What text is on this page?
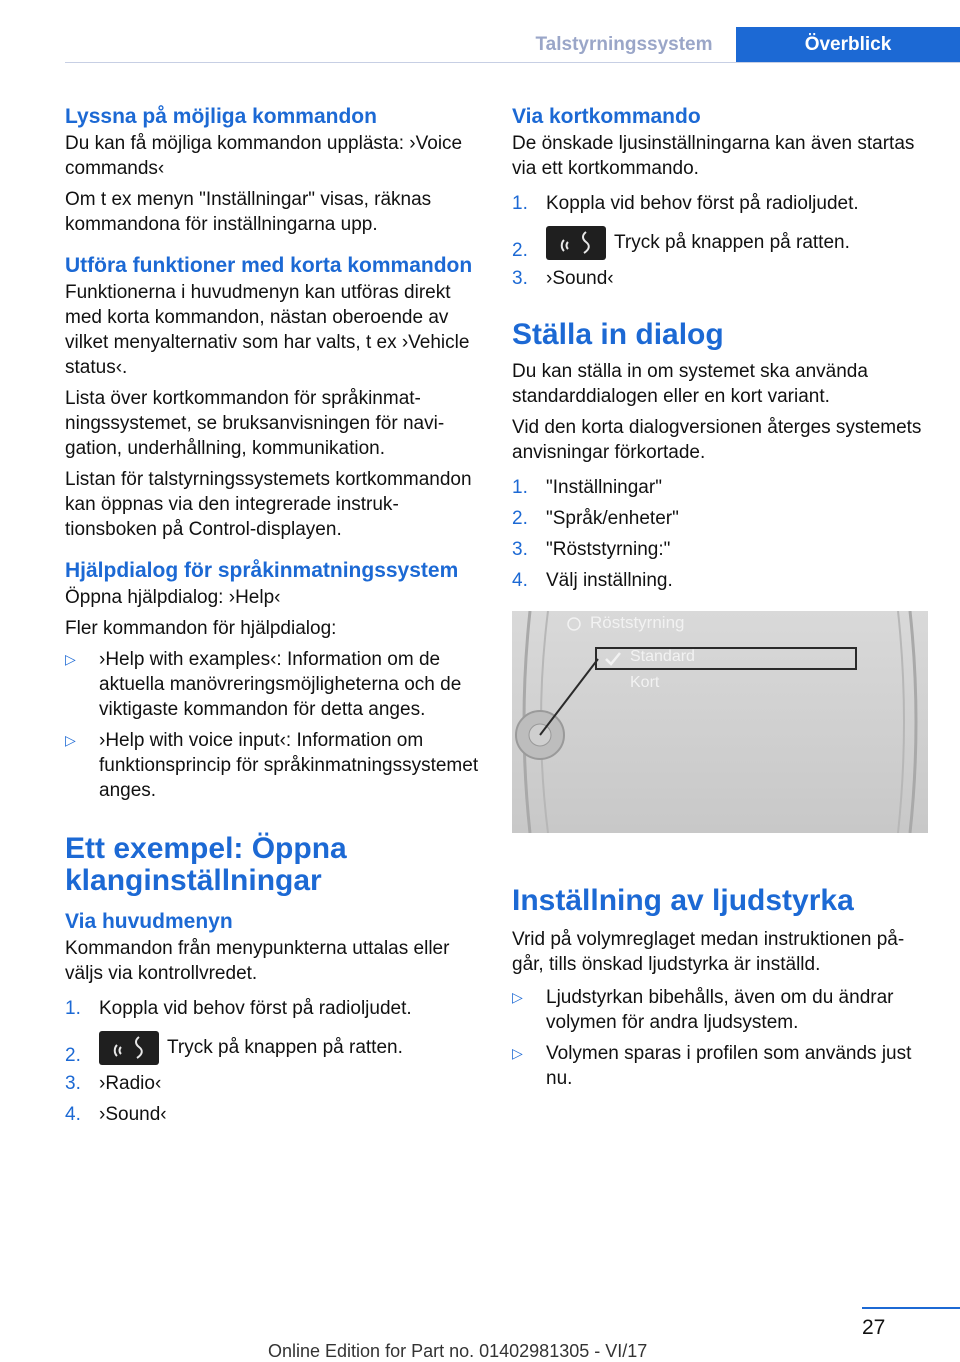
Talstyrningssystem	Överblick
Lyssna på möjliga kommandon

Du kan få möjliga kommandon upplästa: ›Voice commands‹

Om t ex menyn "Inställningar" visas, räknas kommandona för inställningarna upp.

Utföra funktioner med korta kommandon

Funktionerna i huvudmenyn kan utföras direkt med korta kommandon, nästan oberoende av vilket menyalternativ som har valts, t ex ›Vehicle status‹.

Lista över kortkommandon för språkinmatningssystemet, se bruksanvisningen för navigation, underhållning, kommunikation.

Listan för talstyrningssystemets kortkommandon kan öppnas via den integrerade instruktionsboken på Control-displayen.

Hjälpdialog för språkinmatningssystem

Öppna hjälpdialog: ›Help‹

Fler kommandon för hjälpdialog:

▷ ›Help with examples‹: Information om de aktuella manövreringsmöjligheterna och de viktigaste kommandon för detta anges.
▷ ›Help with voice input‹: Information om funktionsprincip för språkinmatningssystemet anges.
Ett exempel: Öppna klanginställningar
Via huvudmenyn

Kommandon från menypunkterna uttalas eller väljs via kontrollvredet.

1. Koppla vid behov först på radioljudet.
2.	Tryck på knappen på ratten.
3. ›Radio‹
4. ›Sound‹
Via kortkommando

De önskade ljusinställningarna kan även startas via ett kortkommando.

1. Koppla vid behov först på radioljudet.
2.	Tryck på knappen på ratten.
3. ›Sound‹
Ställa in dialog

Du kan ställa in om systemet ska använda standarddialogen eller en kort variant.

Vid den korta dialogversionen återges systemets anvisningar förkortade.

1. "Inställningar"
2. "Språk/enheter"
3. "Röststyrning:"
4. Välj inställning.
Röststyrning
Standard
Kort
Inställning av ljudstyrka

Vrid på volymreglaget medan instruktionen pågår, tills önskad ljudstyrka är inställd.

▷ Ljudstyrkan bibehålls, även om du ändrar volymen för andra ljudsystem.
▷ Volymen sparas i profilen som används just nu.
27
Online Edition for Part no. 01402981305 - VI/17
